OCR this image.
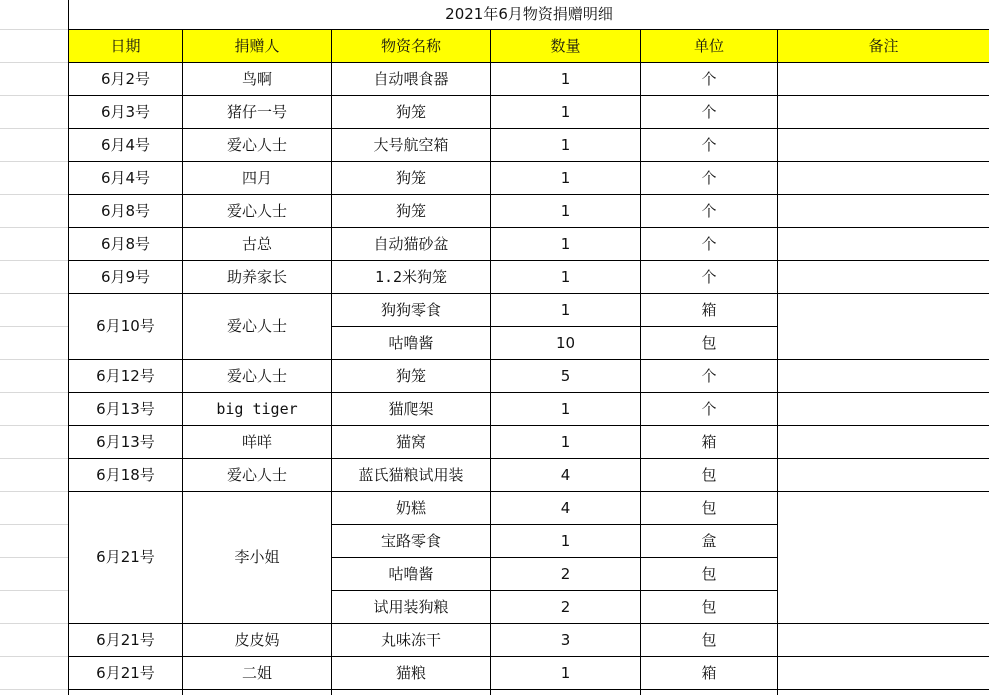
2021年6月物资捐赠明细					
日期	捐赠人	物资名称	数量	单位	备注
6月2号	鸟啊	自动喂食器	1	个	
6月3号	猪仔一号	狗笼	1	个	
6月4号	爱心人士	大号航空箱	1	个	
6月4号	四月	狗笼	1	个	
6月8号	爱心人士	狗笼	1	个	
6月8号	古总	自动猫砂盆	1	个	
6月9号	助养家长	1.2米狗笼	1	个	
6月10号	爱心人士	狗狗零食	1	箱	
		咕噜酱	10	包	
6月12号	爱心人士	狗笼	5	个	
6月13号	big tiger	猫爬架	1	个	
6月13号	咩咩	猫窝	1	箱	
6月18号	爱心人士	蓝氏猫粮试用装	4	包	
6月21号	李小姐	奶糕	4	包	
		宝路零食	1	盒	
		咕噜酱	2	包	
		试用装狗粮	2	包	
6月21号	皮皮妈	丸味冻干	3	包	
6月21号	二姐	猫粮	1	箱	
